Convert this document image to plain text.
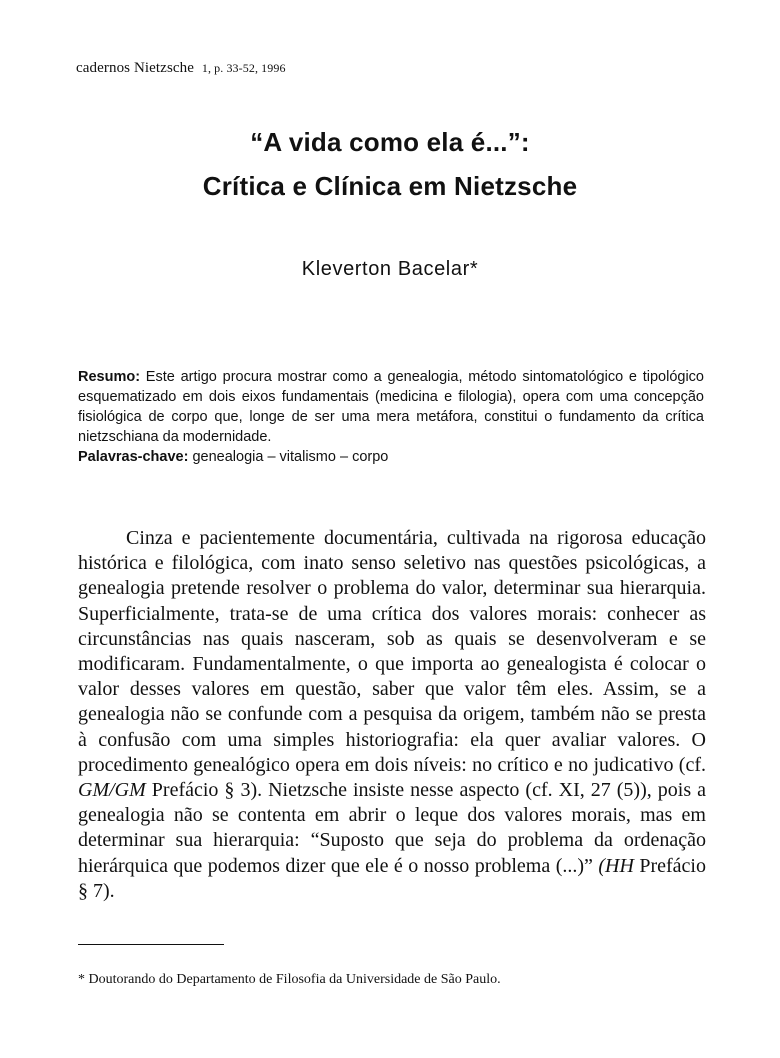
cadernos Nietzsche 1, p. 33-52, 1996
“A vida como ela é...”:
Crítica e Clínica em Nietzsche
Kleverton Bacelar*
Resumo: Este artigo procura mostrar como a genealogia, método sintomatológico e tipológico esquematizado em dois eixos fundamentais (medicina e filologia), opera com uma concepção fisiológica de corpo que, longe de ser uma mera metáfora, constitui o fundamento da crítica nietzschiana da modernidade.
Palavras-chave: genealogia – vitalismo – corpo

Cinza e pacientemente documentária, cultivada na rigorosa educação histórica e filológica, com inato senso seletivo nas questões psicológicas, a genealogia pretende resolver o problema do valor, determinar sua hierarquia. Superficialmente, trata-se de uma crítica dos valores morais: conhecer as circunstâncias nas quais nasceram, sob as quais se desenvolveram e se modificaram. Fundamentalmente, o que importa ao genealogista é colocar o valor desses valores em questão, saber que valor têm eles. Assim, se a genealogia não se confunde com a pesquisa da origem, também não se presta à confusão com uma simples historiografia: ela quer avaliar valores. O procedimento genealógico opera em dois níveis: no crítico e no judicativo (cf. GM/GM Prefácio § 3). Nietzsche insiste nesse aspecto (cf. XI, 27 (5)), pois a genealogia não se contenta em abrir o leque dos valores morais, mas em determinar sua hierarquia: “Suposto que seja do problema da ordenação hierárquica que podemos dizer que ele é o nosso problema (...)” (HH Prefácio § 7).

* Doutorando do Departamento de Filosofia da Universidade de São Paulo.
